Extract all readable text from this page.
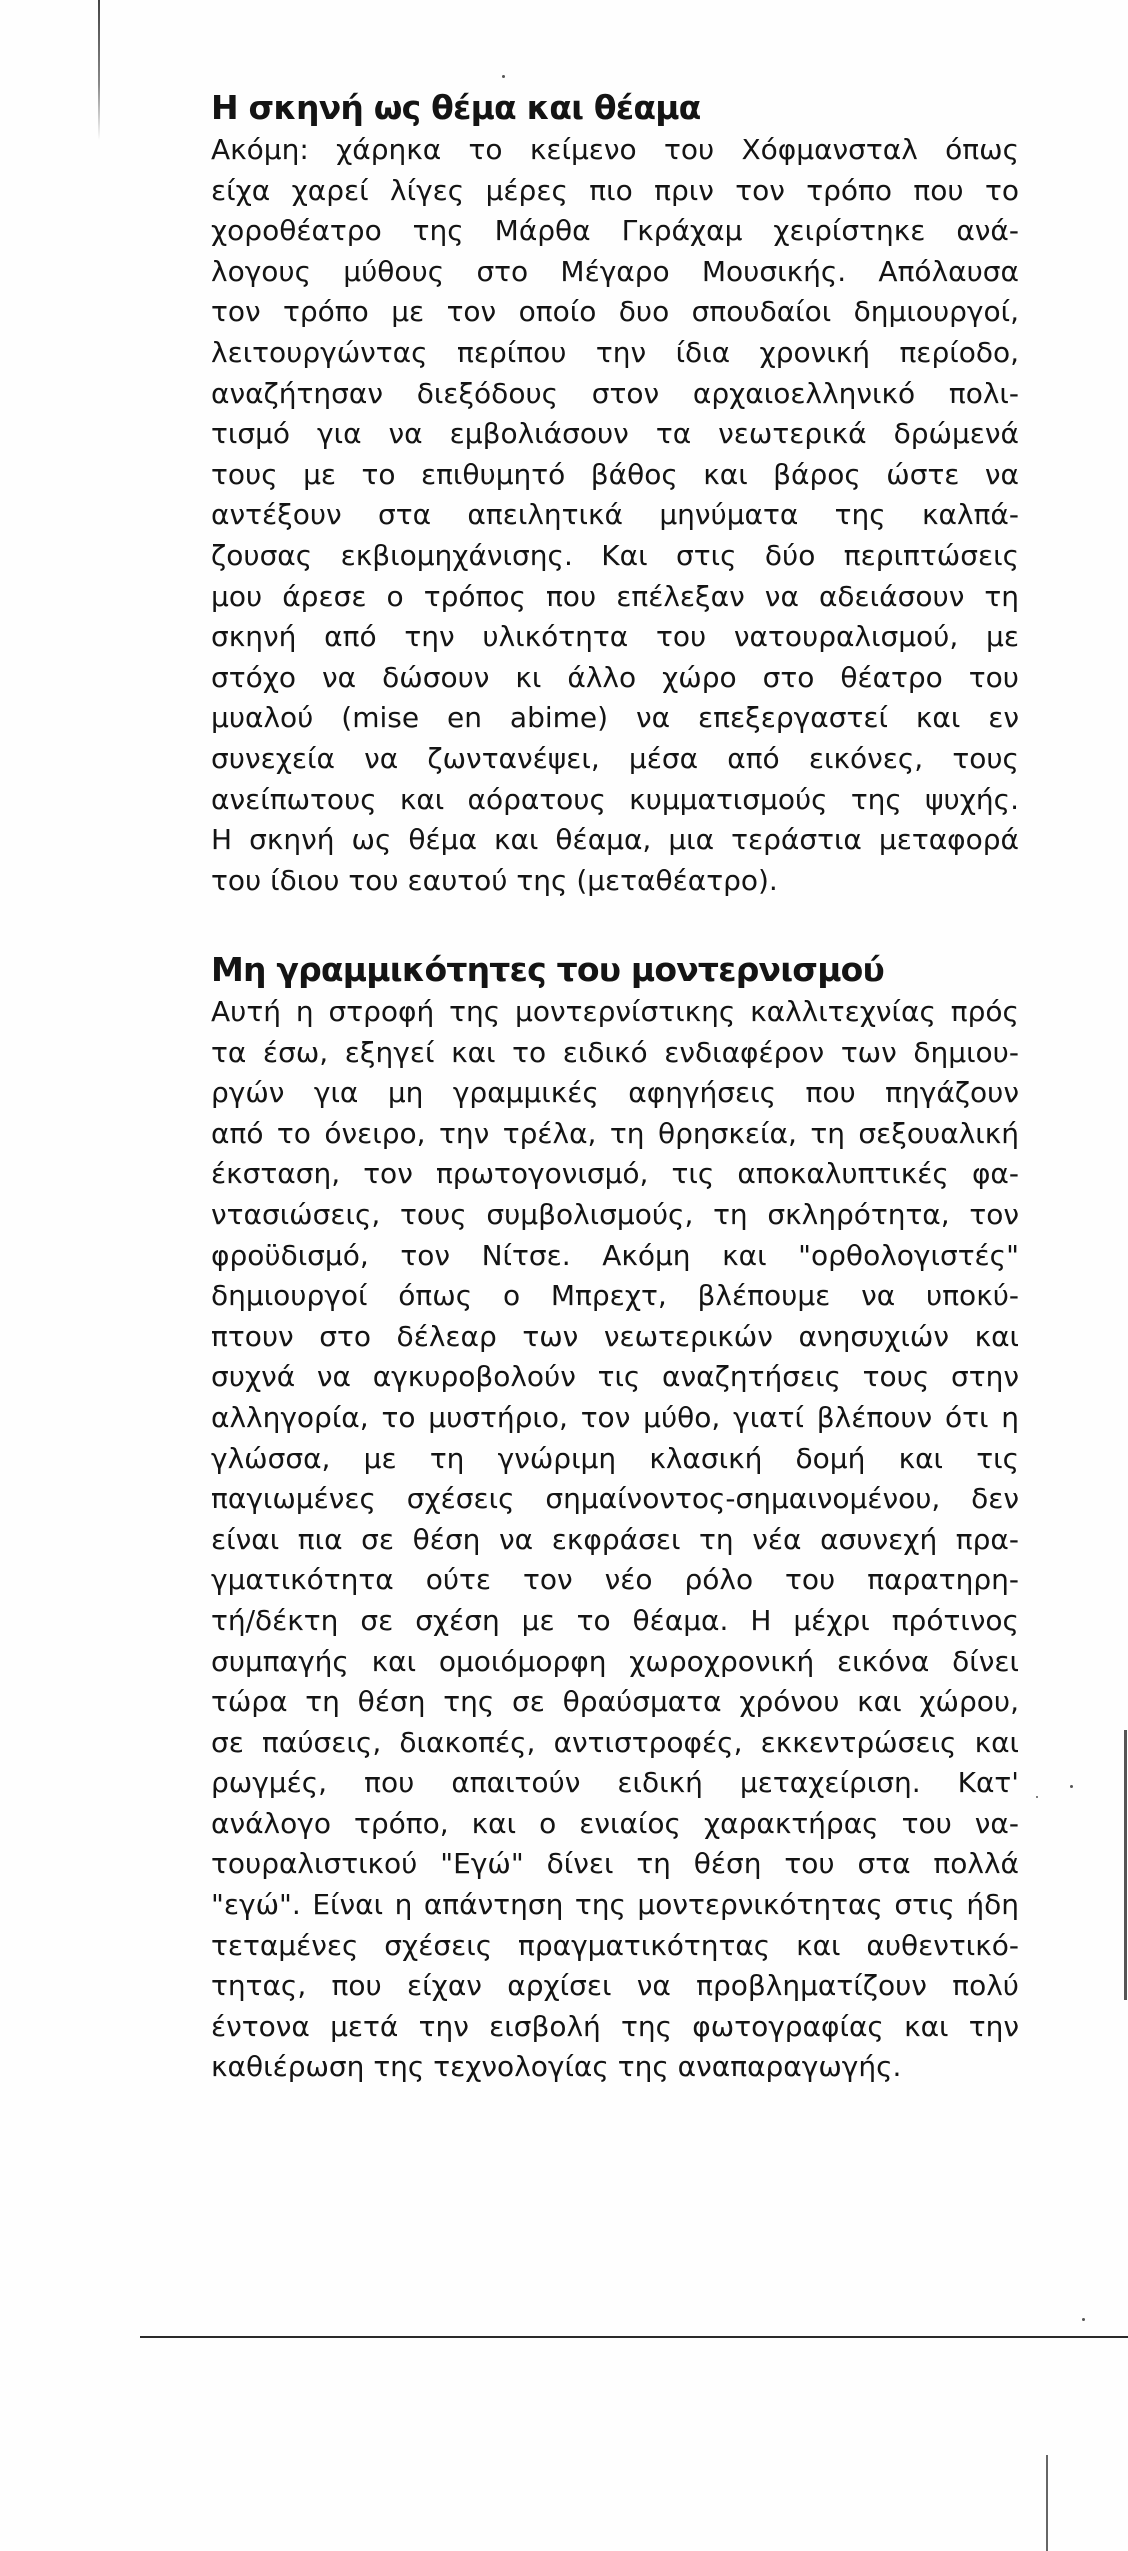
Η σκηνή ως θέμα και θέαμα

Ακόμη: χάρηκα το κείμενο του Χόφμανσταλ όπως
είχα χαρεί λίγες μέρες πιο πριν τον τρόπο που το
χοροθέατρο της Μάρθα Γκράχαμ χειρίστηκε ανά-
λογους μύθους στο Μέγαρο Μουσικής. Απόλαυσα
τον τρόπο με τον οποίο δυο σπουδαίοι δημιουργοί,
λειτουργώντας περίπου την ίδια χρονική περίοδο,
αναζήτησαν διεξόδους στον αρχαιοελληνικό πολι-
τισμό για να εμβολιάσουν τα νεωτερικά δρώμενά
τους με το επιθυμητό βάθος και βάρος ώστε να
αντέξουν στα απειλητικά μηνύματα της καλπά-
ζουσας εκβιομηχάνισης. Και στις δύο περιπτώσεις
μου άρεσε ο τρόπος που επέλεξαν να αδειάσουν τη
σκηνή από την υλικότητα του νατουραλισμού, με
στόχο να δώσουν κι άλλο χώρο στο θέατρο του
μυαλού (mise en abime) να επεξεργαστεί και εν
συνεχεία να ζωντανέψει, μέσα από εικόνες, τους
ανείπωτους και αόρατους κυμματισμούς της ψυχής.
Η σκηνή ως θέμα και θέαμα, μια τεράστια μεταφορά
του ίδιου του εαυτού της (μεταθέατρο).

Μη γραμμικότητες του μοντερνισμού

Αυτή η στροφή της μοντερνίστικης καλλιτεχνίας πρός
τα έσω, εξηγεί και το ειδικό ενδιαφέρον των δημιου-
ργών για μη γραμμικές αφηγήσεις που πηγάζουν
από το όνειρο, την τρέλα, τη θρησκεία, τη σεξουαλική
έκσταση, τον πρωτογονισμό, τις αποκαλυπτικές φα-
ντασιώσεις, τους συμβολισμούς, τη σκληρότητα, τον
φροϋδισμό, τον Νίτσε. Ακόμη και "ορθολογιστές"
δημιουργοί όπως ο Μπρεχτ, βλέπουμε να υποκύ-
πτουν στο δέλεαρ των νεωτερικών ανησυχιών και
συχνά να αγκυροβολούν τις αναζητήσεις τους στην
αλληγορία, το μυστήριο, τον μύθο, γιατί βλέπουν ότι η
γλώσσα, με τη γνώριμη κλασική δομή και τις
παγιωμένες σχέσεις σημαίνοντος-σημαινομένου, δεν
είναι πια σε θέση να εκφράσει τη νέα ασυνεχή πρα-
γματικότητα ούτε τον νέο ρόλο του παρατηρη-
τή/δέκτη σε σχέση με το θέαμα. Η μέχρι πρότινος
συμπαγής και ομοιόμορφη χωροχρονική εικόνα δίνει
τώρα τη θέση της σε θραύσματα χρόνου και χώρου,
σε παύσεις, διακοπές, αντιστροφές, εκκεντρώσεις και
ρωγμές, που απαιτούν ειδική μεταχείριση. Κατ'
ανάλογο τρόπο, και ο ενιαίος χαρακτήρας του να-
τουραλιστικού "Εγώ" δίνει τη θέση του στα πολλά
"εγώ". Είναι η απάντηση της μοντερνικότητας στις ήδη
τεταμένες σχέσεις πραγματικότητας και αυθεντικό-
τητας, που είχαν αρχίσει να προβληματίζουν πολύ
έντονα μετά την εισβολή της φωτογραφίας και την
καθιέρωση της τεχνολογίας της αναπαραγωγής.
